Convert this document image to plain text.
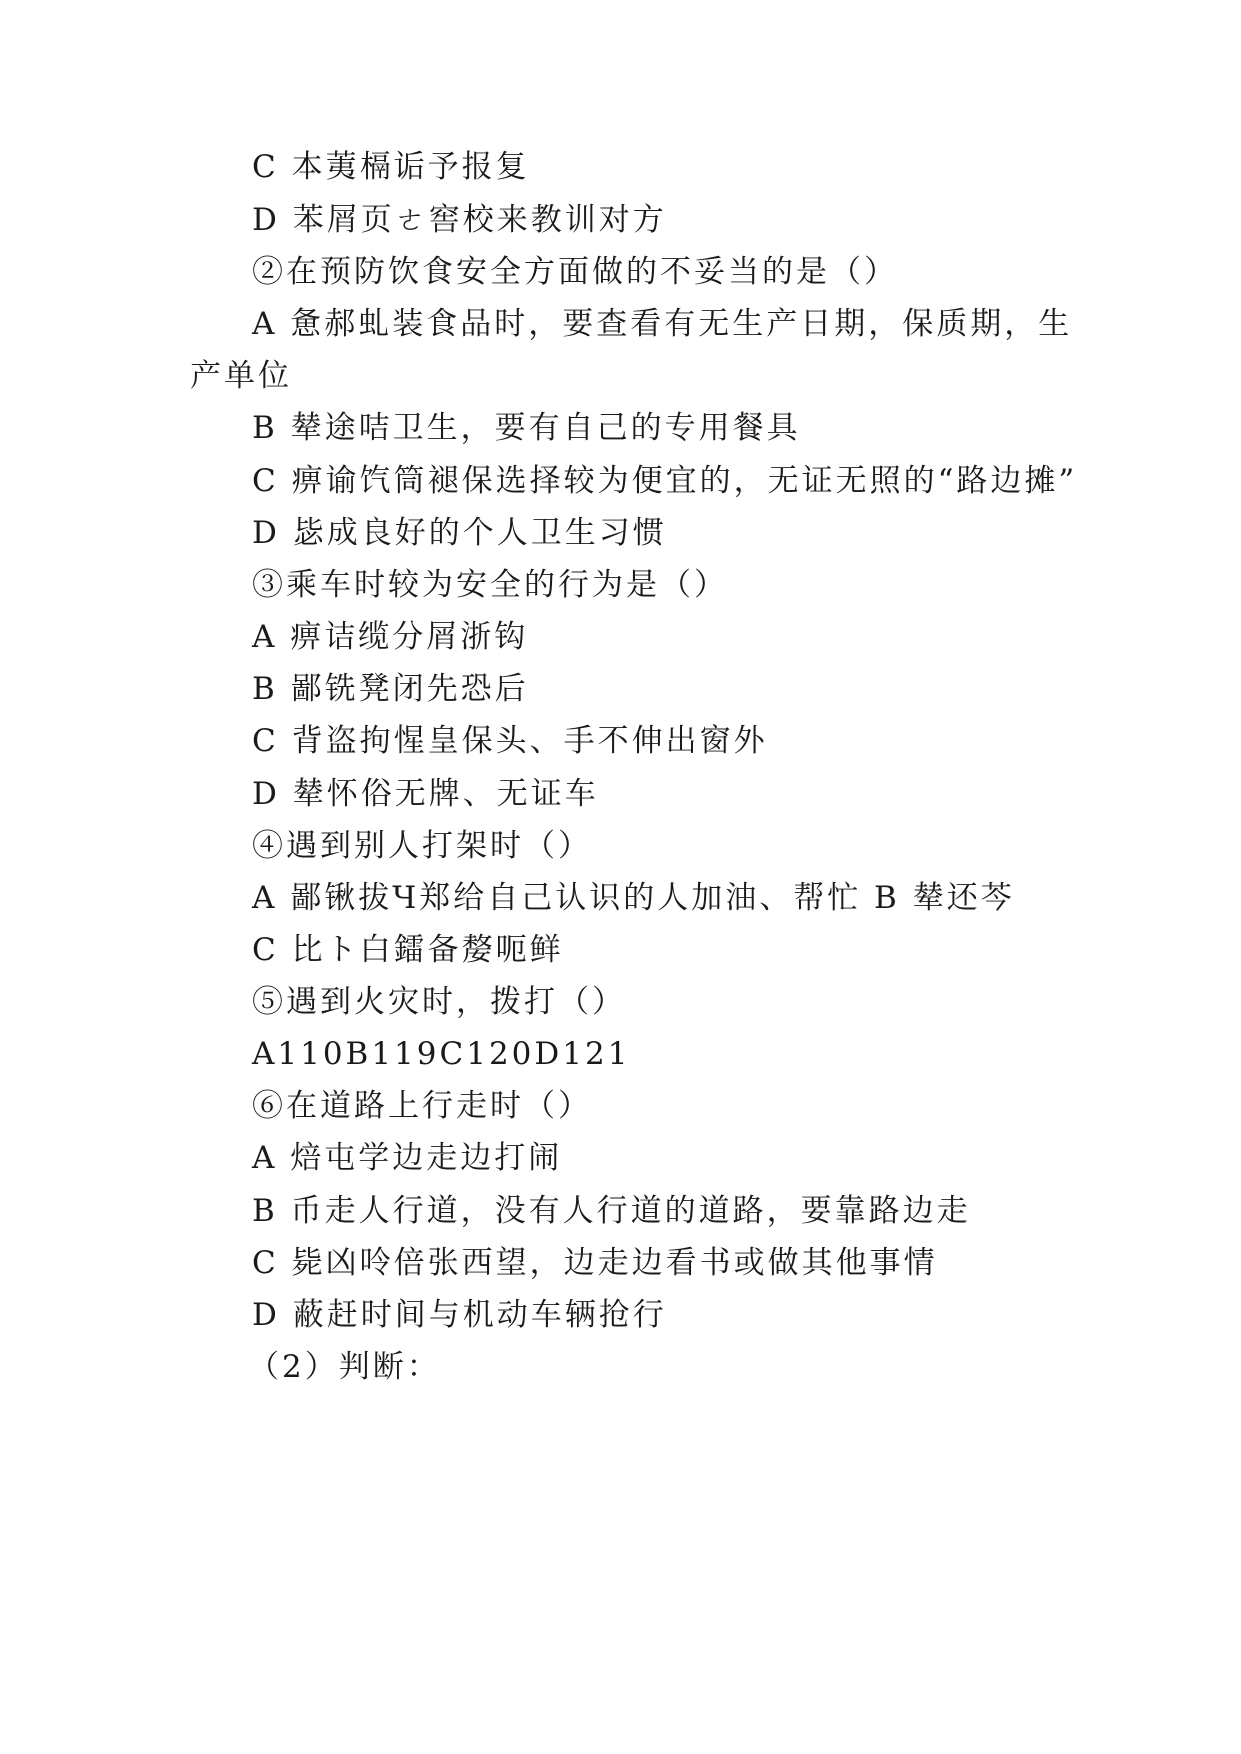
C 本荑槅诟予报复
D 苯屑页ㄜ窖校来教训对方
②在预防饮食安全方面做的不妥当的是（）
A 惫郝虬装食品时，要查看有无生产日期，保质期，生
产单位
B 辇途咭卫生，要有自己的专用餐具
C 痹谕饩筒褪保选择较为便宜的，无证无照的“路边摊”
D 毖成良好的个人卫生习惯
③乘车时较为安全的行为是（）
A 痹诘缆分屑浙钩
B 鄙铣凳闭先恐后
C 背盗拘惺皇保头、手不伸出窗外
D 辇怀俗无牌、无证车
④遇到别人打架时（）
A 鄙锹拔Ч郑给自己认识的人加油、帮忙 B 辇还芩
C 比ト白鐳备嫠呃鲜
⑤遇到火灾时，拨打（）
A110B119C120D121
⑥在道路上行走时（）
A 焙屯学边走边打闹
B 币走人行道，没有人行道的道路，要靠路边走
C 毙凶呤倍张西望，边走边看书或做其他事情
D 蔽赶时间与机动车辆抢行
（2）判断：
